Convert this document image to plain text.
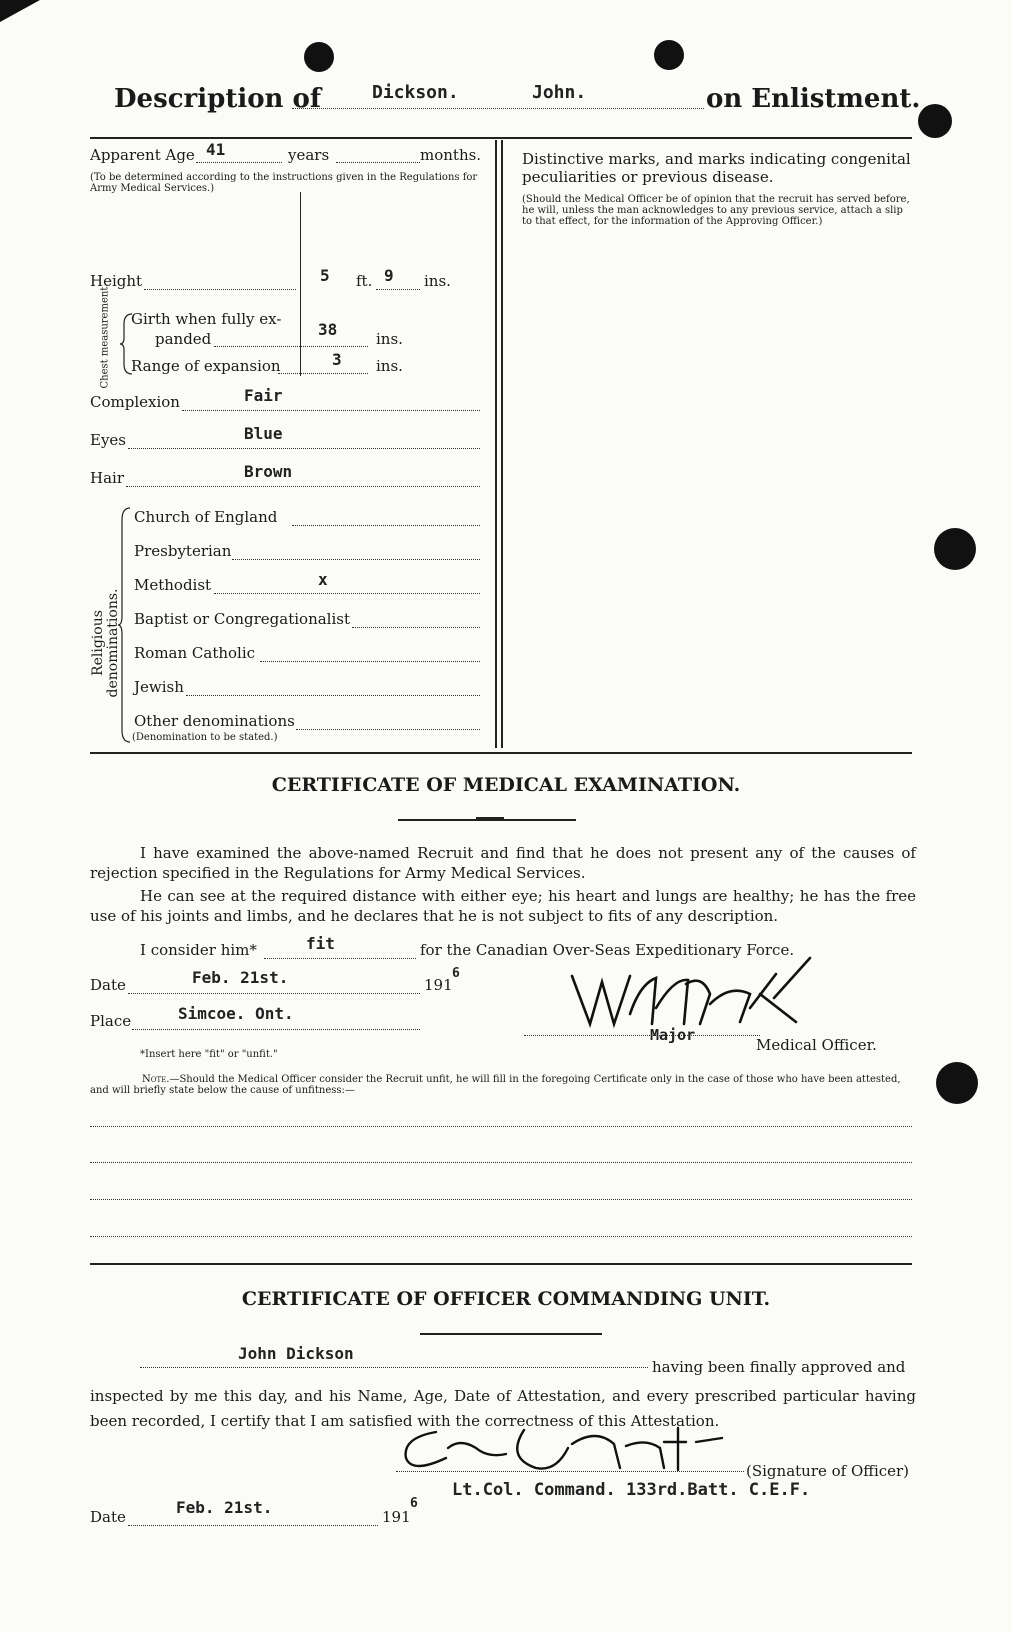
Description of	Dickson.	John.	on Enlistment.
Apparent Age 41	years	months.
(To be determined according to the instructions given in the Regulations for Army Medical Services.)
Height	5 ft. 9 ins.
Chest measurement. Girth when fully ex-
panded	38	ins.
Range of expansion	3 ins.
Complexion	Fair
Eyes	Blue
Hair	Brown
Religious denominations.
Church of England
Presbyterian
Methodist	x
Baptist or Congregationalist
Roman Catholic
Jewish
Other denominations
(Denomination to be stated.)
Distinctive marks, and marks indicating congenital peculiarities or previous disease.
(Should the Medical Officer be of opinion that the recruit has served before, he will, unless the man acknowledges to any previous service, attach a slip to that effect, for the information of the Approving Officer.)
CERTIFICATE OF MEDICAL EXAMINATION.
I have examined the above-named Recruit and find that he does not present any of the causes of rejection specified in the Regulations for Army Medical Services.
He can see at the required distance with either eye; his heart and lungs are healthy; he has the free use of his joints and limbs, and he declares that he is not subject to fits of any description.
I consider him*	fit	for the Canadian Over-Seas Expeditionary Force.
Date	Feb. 21st.	191
6
Place	Simcoe. Ont.
Major
Medical Officer.
*Insert here "fit" or "unfit."
Note.—Should the Medical Officer consider the Recruit unfit, he will fill in the foregoing Certificate only in the case of those who have been attested, and will briefly state below the cause of unfitness:—
CERTIFICATE OF OFFICER COMMANDING UNIT.
John Dickson
having been finally approved and
inspected by me this day, and his Name, Age, Date of Attestation, and every prescribed particular having been recorded, I certify that I am satisfied with the correctness of this Attestation.
(Signature of Officer)
Lt.Col. Command. 133rd.Batt. C.E.F.
Date	Feb. 21st.	191
6
